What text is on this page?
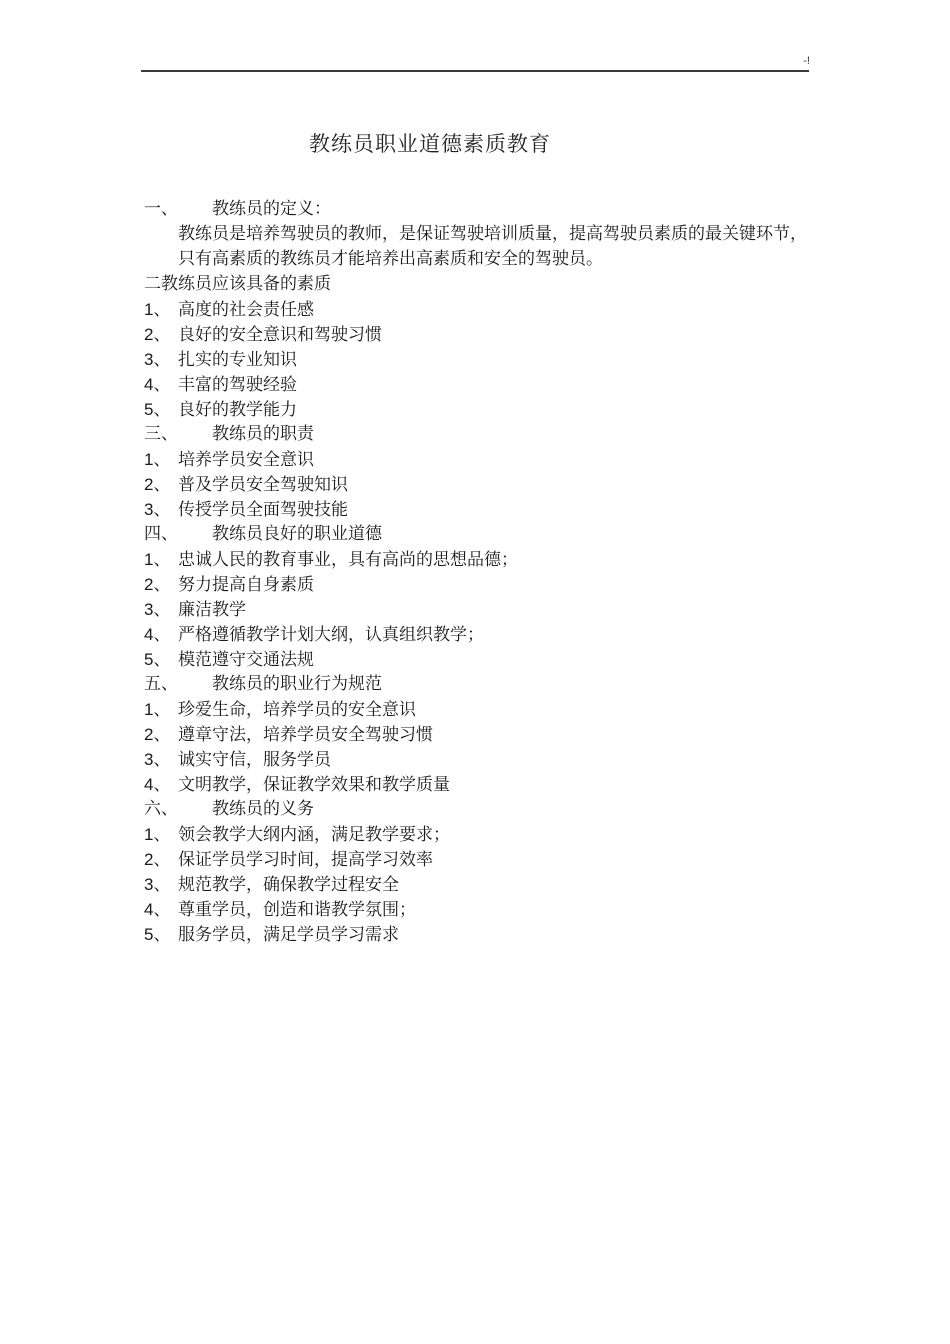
-!
教练员职业道德素质教育
一、 教练员的定义：
教练员是培养驾驶员的教师，是保证驾驶培训质量，提高驾驶员素质的最关键环节，只有高素质的教练员才能培养出高素质和安全的驾驶员。
二教练员应该具备的素质
1、 高度的社会责任感
2、 良好的安全意识和驾驶习惯
3、 扎实的专业知识
4、 丰富的驾驶经验
5、 良好的教学能力
三、 教练员的职责
1、 培养学员安全意识
2、 普及学员安全驾驶知识
3、 传授学员全面驾驶技能
四、 教练员良好的职业道德
1、 忠诚人民的教育事业，具有高尚的思想品德；
2、 努力提高自身素质
3、 廉洁教学
4、 严格遵循教学计划大纲，认真组织教学；
5、 模范遵守交通法规
五、 教练员的职业行为规范
1、 珍爱生命，培养学员的安全意识
2、 遵章守法，培养学员安全驾驶习惯
3、 诚实守信，服务学员
4、 文明教学，保证教学效果和教学质量
六、 教练员的义务
1、 领会教学大纲内涵，满足教学要求；
2、 保证学员学习时间，提高学习效率
3、 规范教学，确保教学过程安全
4、 尊重学员，创造和谐教学氛围；
5、 服务学员，满足学员学习需求
